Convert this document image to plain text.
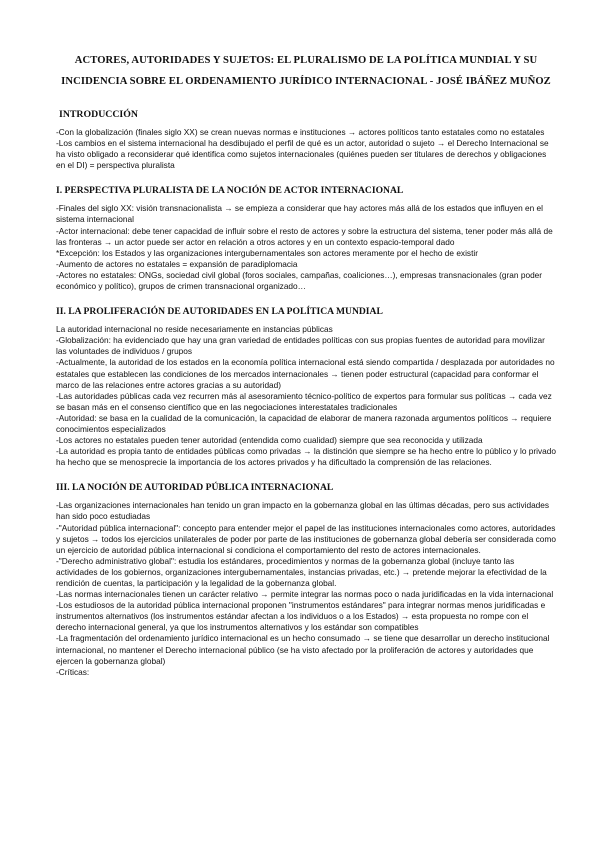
ACTORES, AUTORIDADES Y SUJETOS: EL PLURALISMO DE LA POLÍTICA MUNDIAL Y SU
INCIDENCIA SOBRE EL ORDENAMIENTO JURÍDICO INTERNACIONAL - JOSÉ IBÁÑEZ MUÑOZ
INTRODUCCIÓN

-Con la globalización (finales siglo XX) se crean nuevas normas e instituciones → actores políticos tanto estatales como no estatales

-Los cambios en el sistema internacional ha desdibujado el perfil de qué es un actor, autoridad o sujeto → el Derecho Internacional se ha visto obligado a reconsiderar qué identifica como sujetos internacionales (quiénes pueden ser titulares de derechos y obligaciones en el DI) = perspectiva pluralista

I. PERSPECTIVA PLURALISTA DE LA NOCIÓN DE ACTOR INTERNACIONAL

-Finales del siglo XX: visión transnacionalista → se empieza a considerar que hay actores más allá de los estados que influyen en el sistema internacional

-Actor internacional: debe tener capacidad de influir sobre el resto de actores y sobre la estructura del sistema, tener poder más allá de las fronteras → un actor puede ser actor en relación a otros actores y en un contexto espacio-temporal dado

*Excepción: los Estados y las organizaciones intergubernamentales son actores meramente por el hecho de existir

-Aumento de actores no estatales = expansión de paradiplomacia

-Actores no estatales: ONGs, sociedad civil global (foros sociales, campañas, coaliciones…), empresas transnacionales (gran poder económico y político), grupos de crimen transnacional organizado…

II. LA PROLIFERACIÓN DE AUTORIDADES EN LA POLÍTICA MUNDIAL

La autoridad internacional no reside necesariamente en instancias públicas

-Globalización: ha evidenciado que hay una gran variedad de entidades políticas con sus propias fuentes de autoridad para movilizar las voluntades de individuos / grupos

-Actualmente, la autoridad de los estados en la economía política internacional está siendo compartida / desplazada por autoridades no estatales que establecen las condiciones de los mercados internacionales → tienen poder estructural (capacidad para conformar el marco de las relaciones entre actores gracias a su autoridad)

-Las autoridades públicas cada vez recurren más al asesoramiento técnico-político de expertos para formular sus políticas → cada vez se basan más en el consenso científico que en las negociaciones interestatales tradicionales

-Autoridad: se basa en la cualidad de la comunicación, la capacidad de elaborar de manera razonada argumentos políticos → requiere conocimientos especializados

-Los actores no estatales pueden tener autoridad (entendida como cualidad) siempre que sea reconocida y utilizada

-La autoridad es propia tanto de entidades públicas como privadas → la distinción que siempre se ha hecho entre lo público y lo privado ha hecho que se menosprecie la importancia de los actores privados y ha dificultado la comprensión de las relaciones.

III. LA NOCIÓN DE AUTORIDAD PÚBLICA INTERNACIONAL

-Las organizaciones internacionales han tenido un gran impacto en la gobernanza global en las últimas décadas, pero sus actividades han sido poco estudiadas

-"Autoridad pública internacional": concepto para entender mejor el papel de las instituciones internacionales como actores, autoridades y sujetos → todos los ejercicios unilaterales de poder por parte de las instituciones de gobernanza global debería ser considerada como un ejercicio de autoridad pública internacional si condiciona el comportamiento del resto de actores internacionales.

-"Derecho administrativo global": estudia los estándares, procedimientos y normas de la gobernanza global (incluye tanto las actividades de los gobiernos, organizaciones intergubernamentales, instancias privadas, etc.) → pretende mejorar la efectividad de la rendición de cuentas, la participación y la legalidad de la gobernanza global.

-Las normas internacionales tienen un carácter relativo → permite integrar las normas poco o nada juridificadas en la vida internacional

-Los estudiosos de la autoridad pública internacional proponen "instrumentos estándares" para integrar normas menos juridificadas e instrumentos alternativos (los instrumentos estándar afectan a los individuos o a los Estados) → esta propuesta no rompe con el derecho internacional general, ya que los instrumentos alternativos y los estándar son compatibles

-La fragmentación del ordenamiento jurídico internacional es un hecho consumado → se tiene que desarrollar un derecho institucional internacional, no mantener el Derecho internacional público (se ha visto afectado por la proliferación de actores y autoridades que ejercen la gobernanza global)

-Críticas:
